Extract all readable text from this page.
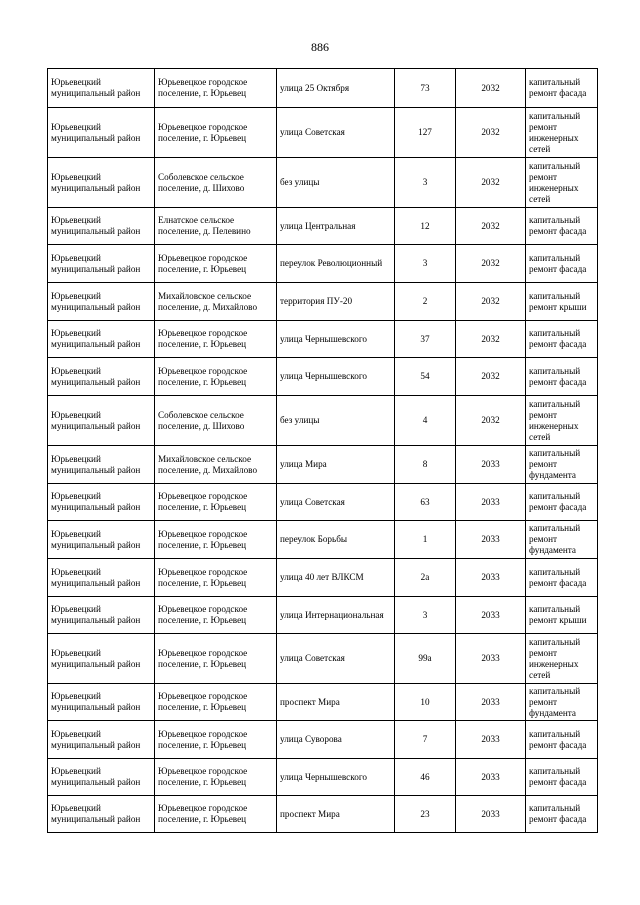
886
Юрьевецкий муниципальный район	Юрьевецкое городское поселение, г. Юрьевец	улица 25 Октября	73	2032	капитальный ремонт фасада
Юрьевецкий муниципальный район	Юрьевецкое городское поселение, г. Юрьевец	улица Советская	127	2032	капитальный ремонт инженерных сетей
Юрьевецкий муниципальный район	Соболевское сельское поселение, д. Шихово	без улицы	3	2032	капитальный ремонт инженерных сетей
Юрьевецкий муниципальный район	Елнатское сельское поселение, д. Пелевино	улица Центральная	12	2032	капитальный ремонт фасада
Юрьевецкий муниципальный район	Юрьевецкое городское поселение, г. Юрьевец	переулок Революционный	3	2032	капитальный ремонт фасада
Юрьевецкий муниципальный район	Михайловское сельское поселение, д. Михайлово	территория ПУ-20	2	2032	капитальный ремонт крыши
Юрьевецкий муниципальный район	Юрьевецкое городское поселение, г. Юрьевец	улица Чернышевского	37	2032	капитальный ремонт фасада
Юрьевецкий муниципальный район	Юрьевецкое городское поселение, г. Юрьевец	улица Чернышевского	54	2032	капитальный ремонт фасада
Юрьевецкий муниципальный район	Соболевское сельское поселение, д. Шихово	без улицы	4	2032	капитальный ремонт инженерных сетей
Юрьевецкий муниципальный район	Михайловское сельское поселение, д. Михайлово	улица Мира	8	2033	капитальный ремонт фундамента
Юрьевецкий муниципальный район	Юрьевецкое городское поселение, г. Юрьевец	улица Советская	63	2033	капитальный ремонт фасада
Юрьевецкий муниципальный район	Юрьевецкое городское поселение, г. Юрьевец	переулок Борьбы	1	2033	капитальный ремонт фундамента
Юрьевецкий муниципальный район	Юрьевецкое городское поселение, г. Юрьевец	улица 40 лет ВЛКСМ	2а	2033	капитальный ремонт фасада
Юрьевецкий муниципальный район	Юрьевецкое городское поселение, г. Юрьевец	улица Интернациональная	3	2033	капитальный ремонт крыши
Юрьевецкий муниципальный район	Юрьевецкое городское поселение, г. Юрьевец	улица Советская	99а	2033	капитальный ремонт инженерных сетей
Юрьевецкий муниципальный район	Юрьевецкое городское поселение, г. Юрьевец	проспект Мира	10	2033	капитальный ремонт фундамента
Юрьевецкий муниципальный район	Юрьевецкое городское поселение, г. Юрьевец	улица Суворова	7	2033	капитальный ремонт фасада
Юрьевецкий муниципальный район	Юрьевецкое городское поселение, г. Юрьевец	улица Чернышевского	46	2033	капитальный ремонт фасада
Юрьевецкий муниципальный район	Юрьевецкое городское поселение, г. Юрьевец	проспект Мира	23	2033	капитальный ремонт фасада
